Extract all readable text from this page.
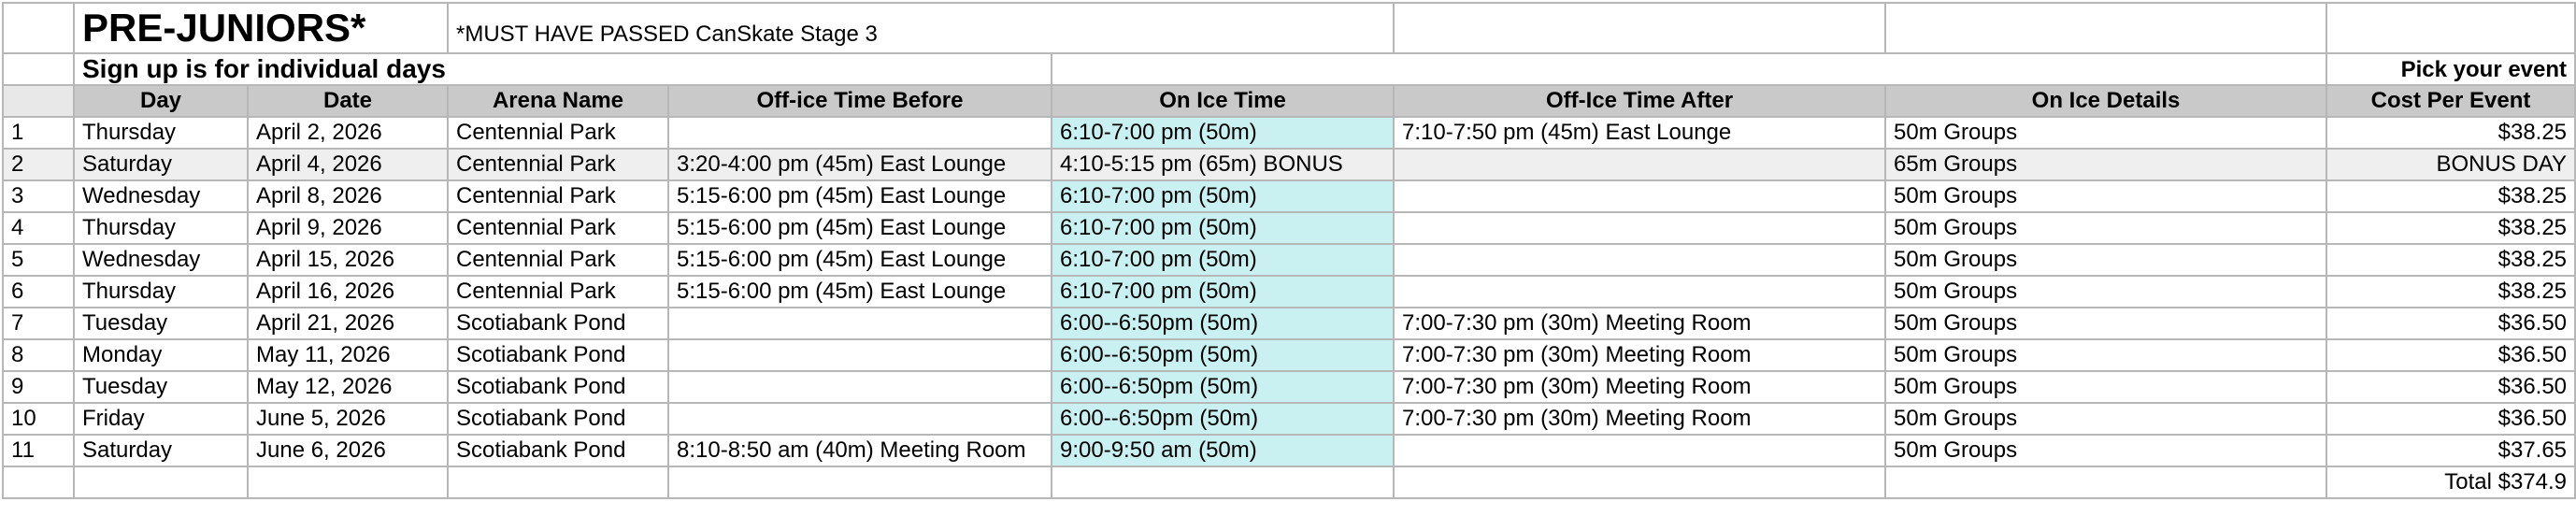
	PRE-JUNIORS*		*MUST HAVE PASSED CanSkate Stage 3					
	Sign up is for individual days							Pick your event
	Day	Date	Arena Name	Off-ice Time Before	On Ice Time	Off-Ice Time After	On Ice Details	Cost Per Event
1	Thursday	April 2, 2026	Centennial Park		6:10-7:00 pm (50m)	7:10-7:50 pm (45m) East Lounge	50m Groups	$38.25
2	Saturday	April 4, 2026	Centennial Park	3:20-4:00 pm (45m) East Lounge	4:10-5:15 pm (65m) BONUS		65m Groups	BONUS DAY
3	Wednesday	April 8, 2026	Centennial Park	5:15-6:00 pm (45m) East Lounge	6:10-7:00 pm (50m)		50m Groups	$38.25
4	Thursday	April 9, 2026	Centennial Park	5:15-6:00 pm (45m) East Lounge	6:10-7:00 pm (50m)		50m Groups	$38.25
5	Wednesday	April 15, 2026	Centennial Park	5:15-6:00 pm (45m) East Lounge	6:10-7:00 pm (50m)		50m Groups	$38.25
6	Thursday	April 16, 2026	Centennial Park	5:15-6:00 pm (45m) East Lounge	6:10-7:00 pm (50m)		50m Groups	$38.25
7	Tuesday	April 21, 2026	Scotiabank Pond		6:00--6:50pm (50m)	7:00-7:30 pm (30m) Meeting Room	50m Groups	$36.50
8	Monday	May 11, 2026	Scotiabank Pond		6:00--6:50pm (50m)	7:00-7:30 pm (30m) Meeting Room	50m Groups	$36.50
9	Tuesday	May 12, 2026	Scotiabank Pond		6:00--6:50pm (50m)	7:00-7:30 pm (30m) Meeting Room	50m Groups	$36.50
10	Friday	June 5, 2026	Scotiabank Pond		6:00--6:50pm (50m)	7:00-7:30 pm (30m) Meeting Room	50m Groups	$36.50
11	Saturday	June 6, 2026	Scotiabank Pond	8:10-8:50 am (40m) Meeting Room	9:00-9:50 am (50m)		50m Groups	$37.65
								Total $374.9
